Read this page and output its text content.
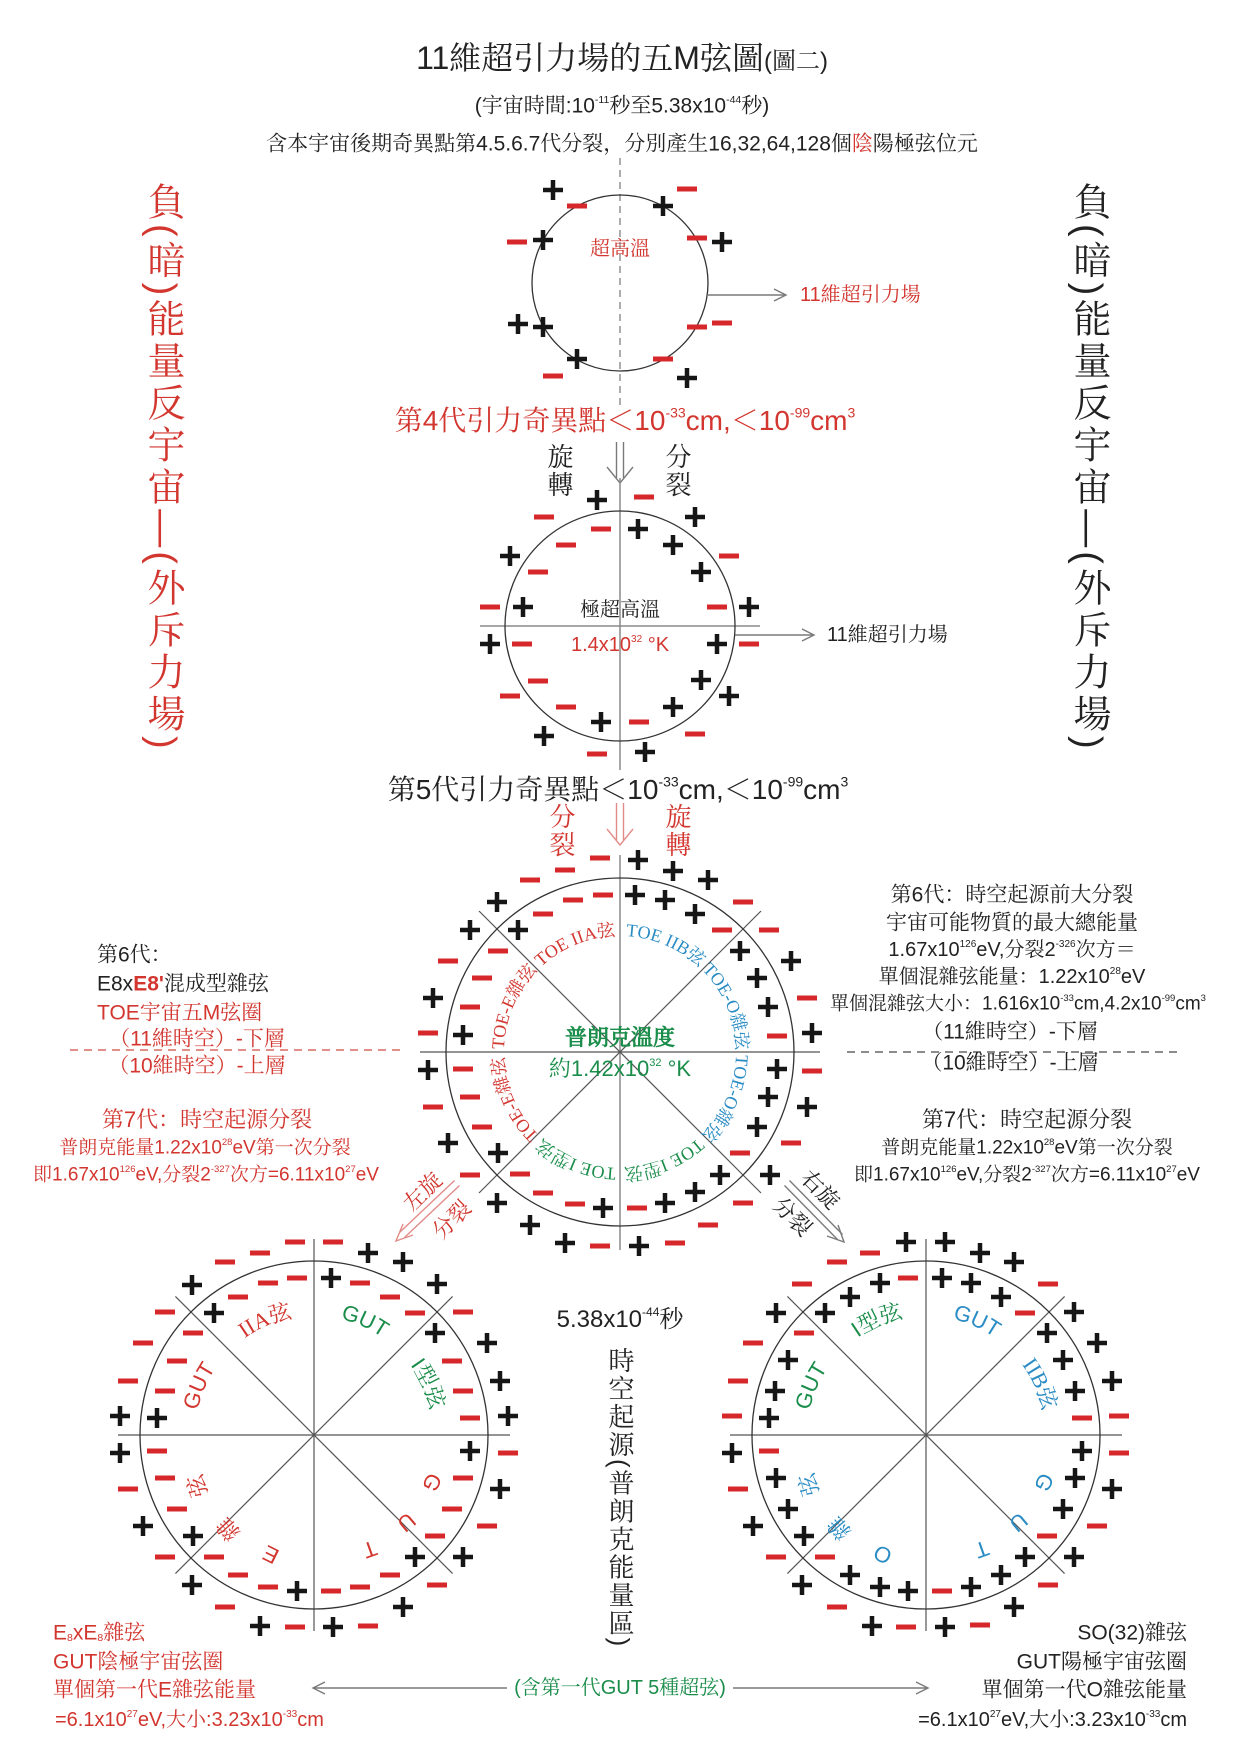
TOE IIA弦 TOE IIB弦
TOE-E雜弦
TOE-E雜弦
TOE-O雜弦
TOE-O雜弦
TOE I型弦	TOE I型弦
IIA弦 GUT
I型弦
GUT
GUT
E雜弦
I型弦 GUT
IIB弦
GUT
GUT
O雜弦
11維超引力場的五M弦圖(圖二)
(宇宙時間$:10^{-11}$秒至$5.38x10^{-44}$秒)
含本宇宙後期奇異點第4.5.6.7代分裂，分別產生16,32,64,128個陰陽極弦位元
負(暗)能量反宇宙—(外斥力場)	負(暗)能量反宇宙—(外斥力場)
超高溫
11維超引力場
第4代引力奇異點$<10^{-33}cm,<10^{-99}cm^3$
旋轉	分裂
極超高溫
$1.4x10^{32}$ °K	11維超引力場
第5代引力奇異點$<10^{-33}cm,<10^{-99}cm^3$
分裂	旋轉
普朗克溫度
約$1.42x10^{32}$ °K
第6代：
E8xE8'混成型雜弦
TOE宇宙五M弦圈
（11維時空）-下層
（10維時空）-上層
第7代：時空起源分裂
普朗克能量$1.22x10^{28}eV$第一次分裂
即$1.67x10^{126}eV$,分裂$2^{-327}$次方$=6.11x10^{27}eV$
第6代：時空起源前大分裂
宇宙可能物質的最大總能量
$1.67x10^{126}eV$,分裂$2^{-326}$次方＝
單個混雜弦能量：$1.22x10^{28}eV$
單個混雜弦大小：$1.616x10^{-33}cm,4.2x10^{-99}cm^3$
（11維時空）-下層
（10維時空）-上層
第7代：時空起源分裂
普朗克能量$1.22x10^{28}eV$第一次分裂
即$1.67x10^{126}eV$,分裂$2^{-327}$次方$=6.11x10^{27}eV$
左旋
分裂
右旋
分裂
$5.38x10^{-44}$秒
時空起源(普朗克能量區)
E8xE8雜弦
GUT陰極宇宙弦圈
單個第一代E雜弦能量
$=6.1x10^{27}eV$,大小$:3.23x10^{-33}cm$
SO(32)雜弦
GUT陽極宇宙弦圈
單個第一代O雜弦能量
$=6.1x10^{27}eV$,大小$:3.23x10^{-33}cm$
(含第一代GUT 5種超弦)
